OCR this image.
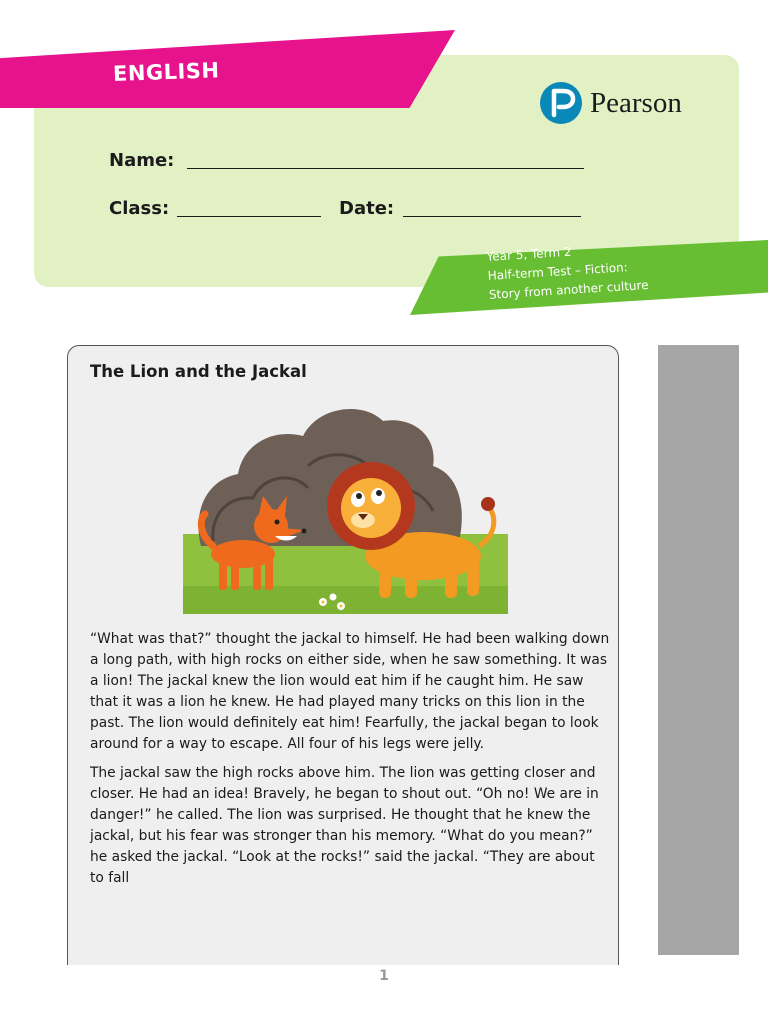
ENGLISH
Pearson
Name:
Class:	Date:
Year 5, Term 2
Half-term Test – Fiction:
Story from another culture
The Lion and the Jackal

“What was that?” thought the jackal to himself. He had been walking down a long path, with high rocks on either side, when he saw something. It was a lion! The jackal knew the lion would eat him if he caught him. He saw that it was a lion he knew. He had played many tricks on this lion in the past. The lion would definitely eat him! Fearfully, the jackal began to look around for a way to escape. All four of his legs were jelly.

The jackal saw the high rocks above him. The lion was getting closer and closer. He had an idea! Bravely, he began to shout out. “Oh no! We are in danger!” he called. The lion was surprised. He thought that he knew the jackal, but his fear was stronger than his memory. “What do you mean?” he asked the jackal. “Look at the rocks!” said the jackal. “They are about to fall

1
